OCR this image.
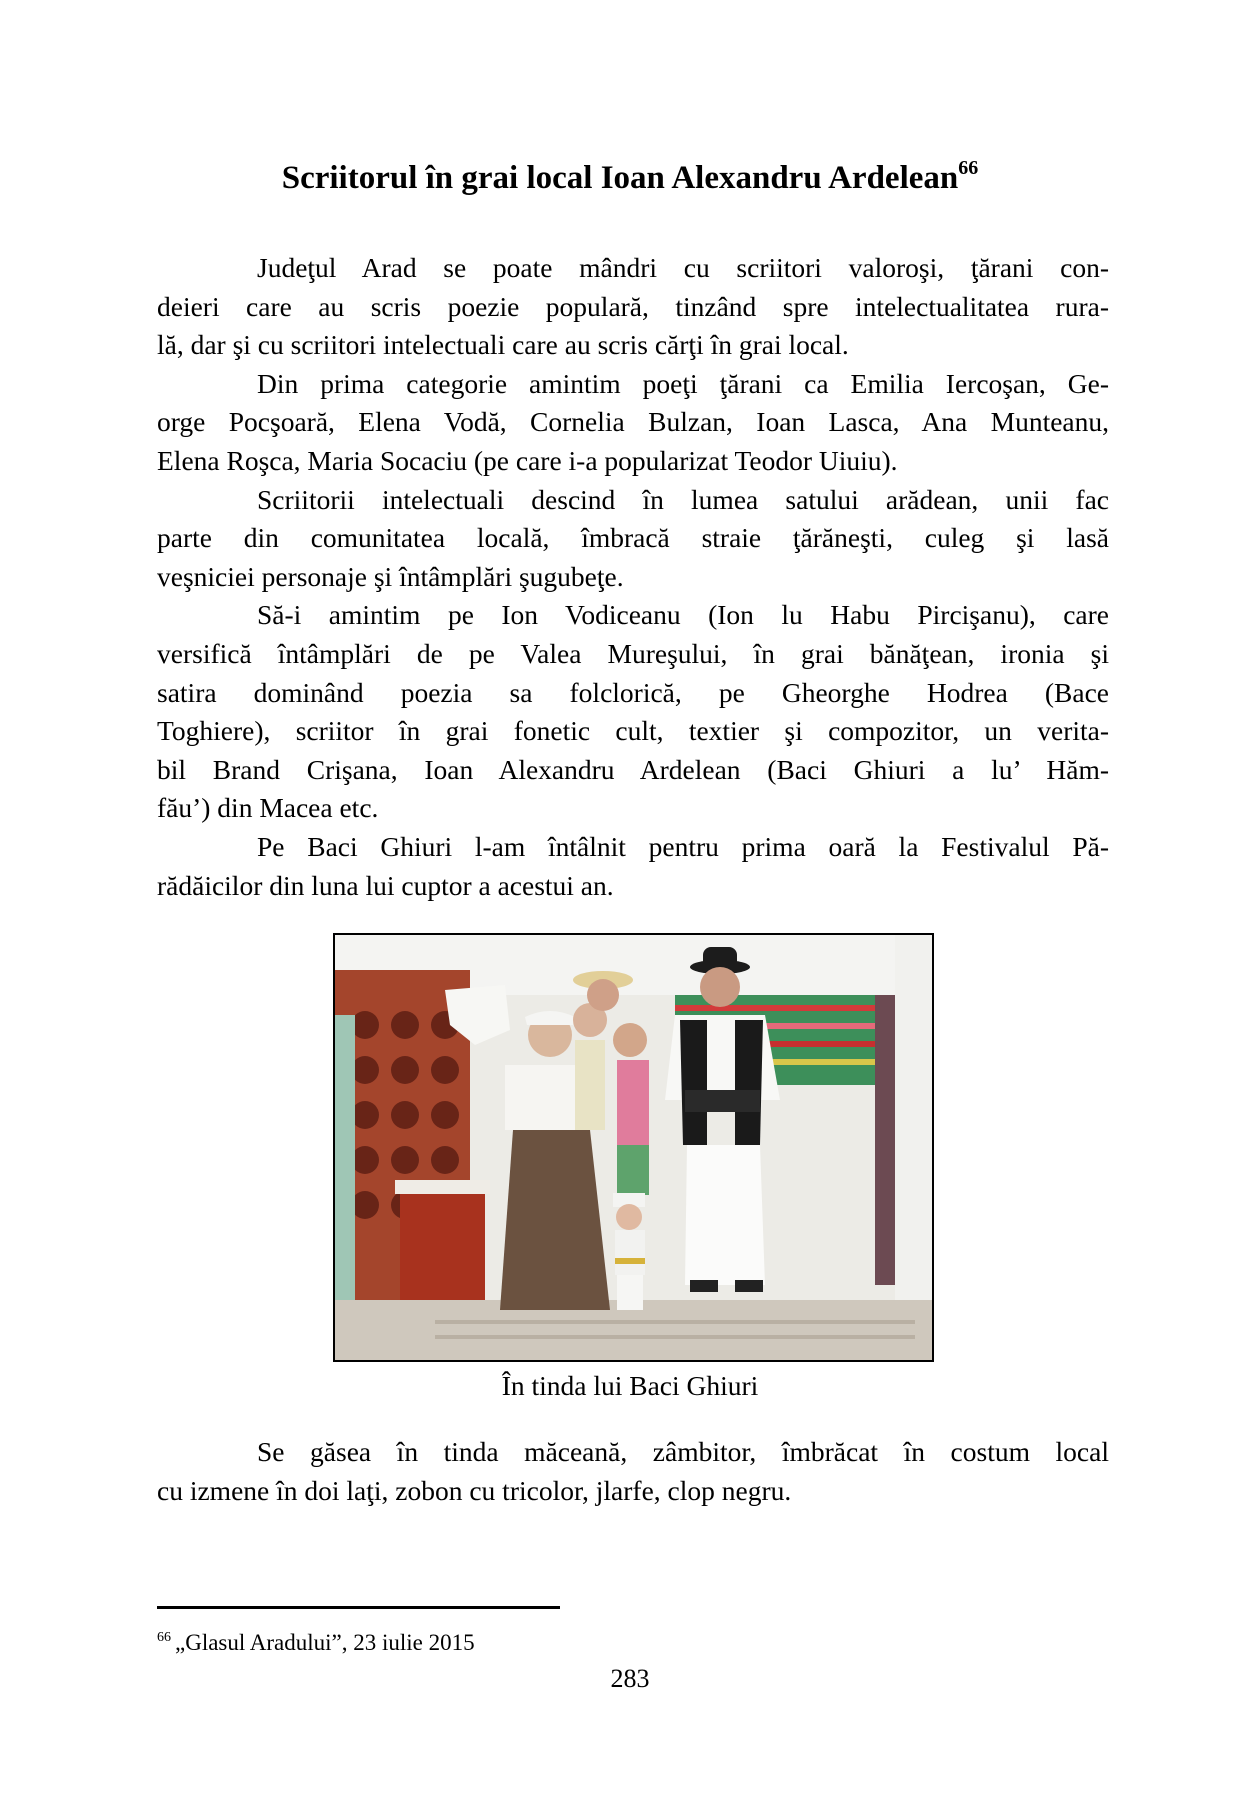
Scriitorul în grai local Ioan Alexandru Ardelean$^{66}$
Judeţul Arad se poate mândri cu scriitori valoroşi, ţărani con-
deieri care au scris poezie populară, tinzând spre intelectualitatea rura-
lă, dar şi cu scriitori intelectuali care au scris cărţi în grai local.
Din prima categorie amintim poeţi ţărani ca Emilia Iercoşan, Ge-
orge Pocşoară, Elena Vodă, Cornelia Bulzan, Ioan Lasca, Ana Munteanu,
Elena Roşca, Maria Socaciu (pe care i-a popularizat Teodor Uiuiu).
Scriitorii intelectuali descind în lumea satului arădean, unii fac
parte din comunitatea locală, îmbracă straie ţărăneşti, culeg şi lasă
veşniciei personaje şi întâmplări şugubeţe.
Să-i amintim pe Ion Vodiceanu (Ion lu Habu Pircişanu), care
versifică întâmplări de pe Valea Mureşului, în grai bănăţean, ironia şi
satira dominând poezia sa folclorică, pe Gheorghe Hodrea (Bace
Toghiere), scriitor în grai fonetic cult, textier şi compozitor, un verita-
bil Brand Crişana, Ioan Alexandru Ardelean (Baci Ghiuri a lu’ Hăm-
fău’) din Macea etc.
Pe Baci Ghiuri l-am întâlnit pentru prima oară la Festivalul Pă-
rădăicilor din luna lui cuptor a acestui an.
În tinda lui Baci Ghiuri
Se găsea în tinda măceană, zâmbitor, îmbrăcat în costum local
cu izmene în doi laţi, zobon cu tricolor, jlarfe, clop negru.
$^{66}$ „Glasul Aradului”, 23 iulie 2015
283
